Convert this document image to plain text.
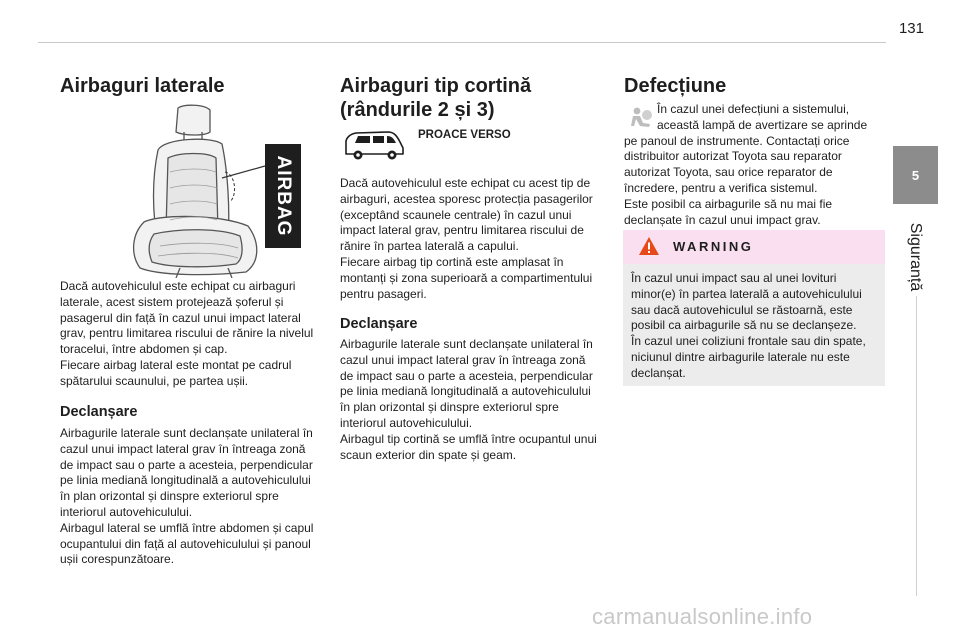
131
5
Siguranță
Airbaguri laterale
AIRBAG

Dacă autovehiculul este echipat cu airbaguri
laterale, acest sistem protejează șoferul și
pasagerul din față în cazul unui impact lateral
grav, pentru limitarea riscului de rănire la nivelul
toracelui, între abdomen și cap.
Fiecare airbag lateral este montat pe cadrul
spătarului scaunului, pe partea ușii.

Declanșare

Airbagurile laterale sunt declanșate unilateral în
cazul unui impact lateral grav în întreaga zonă
de impact sau o parte a acesteia, perpendicular
pe linia mediană longitudinală a autovehiculului
în plan orizontal și dinspre exteriorul spre
interiorul autovehiculului.
Airbagul lateral se umflă între abdomen și capul
ocupantului din față al autovehiculului și panoul
ușii corespunzătoare.

Airbaguri tip cortină
(rândurile 2 și 3)
PROACE VERSO

Dacă autovehiculul este echipat cu acest tip de
airbaguri, acestea sporesc protecția pasagerilor
(exceptând scaunele centrale) în cazul unui
impact lateral grav, pentru limitarea riscului de
rănire în partea laterală a capului.
Fiecare airbag tip cortină este amplasat în
montanți și zona superioară a compartimentului
pentru pasageri.

Declanșare

Airbagurile laterale sunt declanșate unilateral în
cazul unui impact lateral grav în întreaga zonă
de impact sau o parte a acesteia, perpendicular
pe linia mediană longitudinală a autovehiculului
în plan orizontal și dinspre exteriorul spre
interiorul autovehiculului.
Airbagul tip cortină se umflă între ocupantul unui
scaun exterior din spate și geam.

Defecțiune

În cazul unei defecțiuni a sistemului,
această lampă de avertizare se aprinde
pe panoul de instrumente. Contactați orice
distribuitor autorizat Toyota sau reparator
autorizat Toyota, sau orice reparator de
încredere, pentru a verifica sistemul.
Este posibil ca airbagurile să nu mai fie
declanșate în cazul unui impact grav.

WARNING

În cazul unui impact sau al unei lovituri
minor(e) în partea laterală a autovehiculului
sau dacă autovehiculul se răstoarnă, este
posibil ca airbagurile să nu se declanșeze.
În cazul unei coliziuni frontale sau din spate,
niciunul dintre airbagurile laterale nu este
declanșat.

carmanualsonline.info
